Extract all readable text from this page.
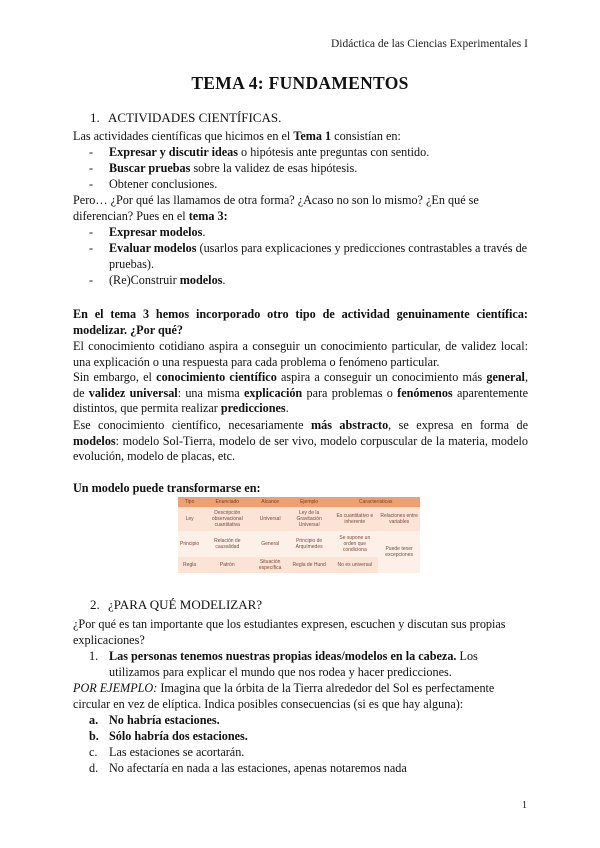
Didáctica de las Ciencias Experimentales I
TEMA 4: FUNDAMENTOS
1. ACTIVIDADES CIENTÍFICAS.
Las actividades científicas que hicimos en el Tema 1 consistían en:
- Expresar y discutir ideas o hipótesis ante preguntas con sentido.
- Buscar pruebas sobre la validez de esas hipótesis.
- Obtener conclusiones.
Pero… ¿Por qué las llamamos de otra forma? ¿Acaso no son lo mismo? ¿En qué se diferencian? Pues en el tema 3:
- Expresar modelos.
- Evaluar modelos (usarlos para explicaciones y predicciones contrastables a través de pruebas).
- (Re)Construir modelos.
En el tema 3 hemos incorporado otro tipo de actividad genuinamente científica: modelizar. ¿Por qué?
El conocimiento cotidiano aspira a conseguir un conocimiento particular, de validez local: una explicación o una respuesta para cada problema o fenómeno particular.
Sin embargo, el conocimiento científico aspira a conseguir un conocimiento más general, de validez universal: una misma explicación para problemas o fenómenos aparentemente distintos, que permita realizar predicciones.
Ese conocimiento científico, necesariamente más abstracto, se expresa en forma de modelos: modelo Sol-Tierra, modelo de ser vivo, modelo corpuscular de la materia, modelo evolución, modelo de placas, etc.
Un modelo puede transformarse en:
Tipo	Enunciado	Alcance	Ejemplo	Características	
Ley	Descripción observacional cuantitativa	Universal	Ley de la Gravitación Universal	Es cuantitativo e inherente	Relaciones entre variables
Principio	Relación de causalidad	General	Principio de Arquímedes	Se supone un orden que condiciona	Puede tener excepciones
Regla	Patrón	Situación específica	Regla de Hund	No es universal	
2. ¿PARA QUÉ MODELIZAR?
¿Por qué es tan importante que los estudiantes expresen, escuchen y discutan sus propias explicaciones?
1. Las personas tenemos nuestras propias ideas/modelos en la cabeza. Los utilizamos para explicar el mundo que nos rodea y hacer predicciones.
POR EJEMPLO: Imagina que la órbita de la Tierra alrededor del Sol es perfectamente circular en vez de elíptica. Indica posibles consecuencias (si es que hay alguna):
a. No habría estaciones.
b. Sólo habría dos estaciones.
c. Las estaciones se acortarán.
d. No afectaría en nada a las estaciones, apenas notaremos nada
1
